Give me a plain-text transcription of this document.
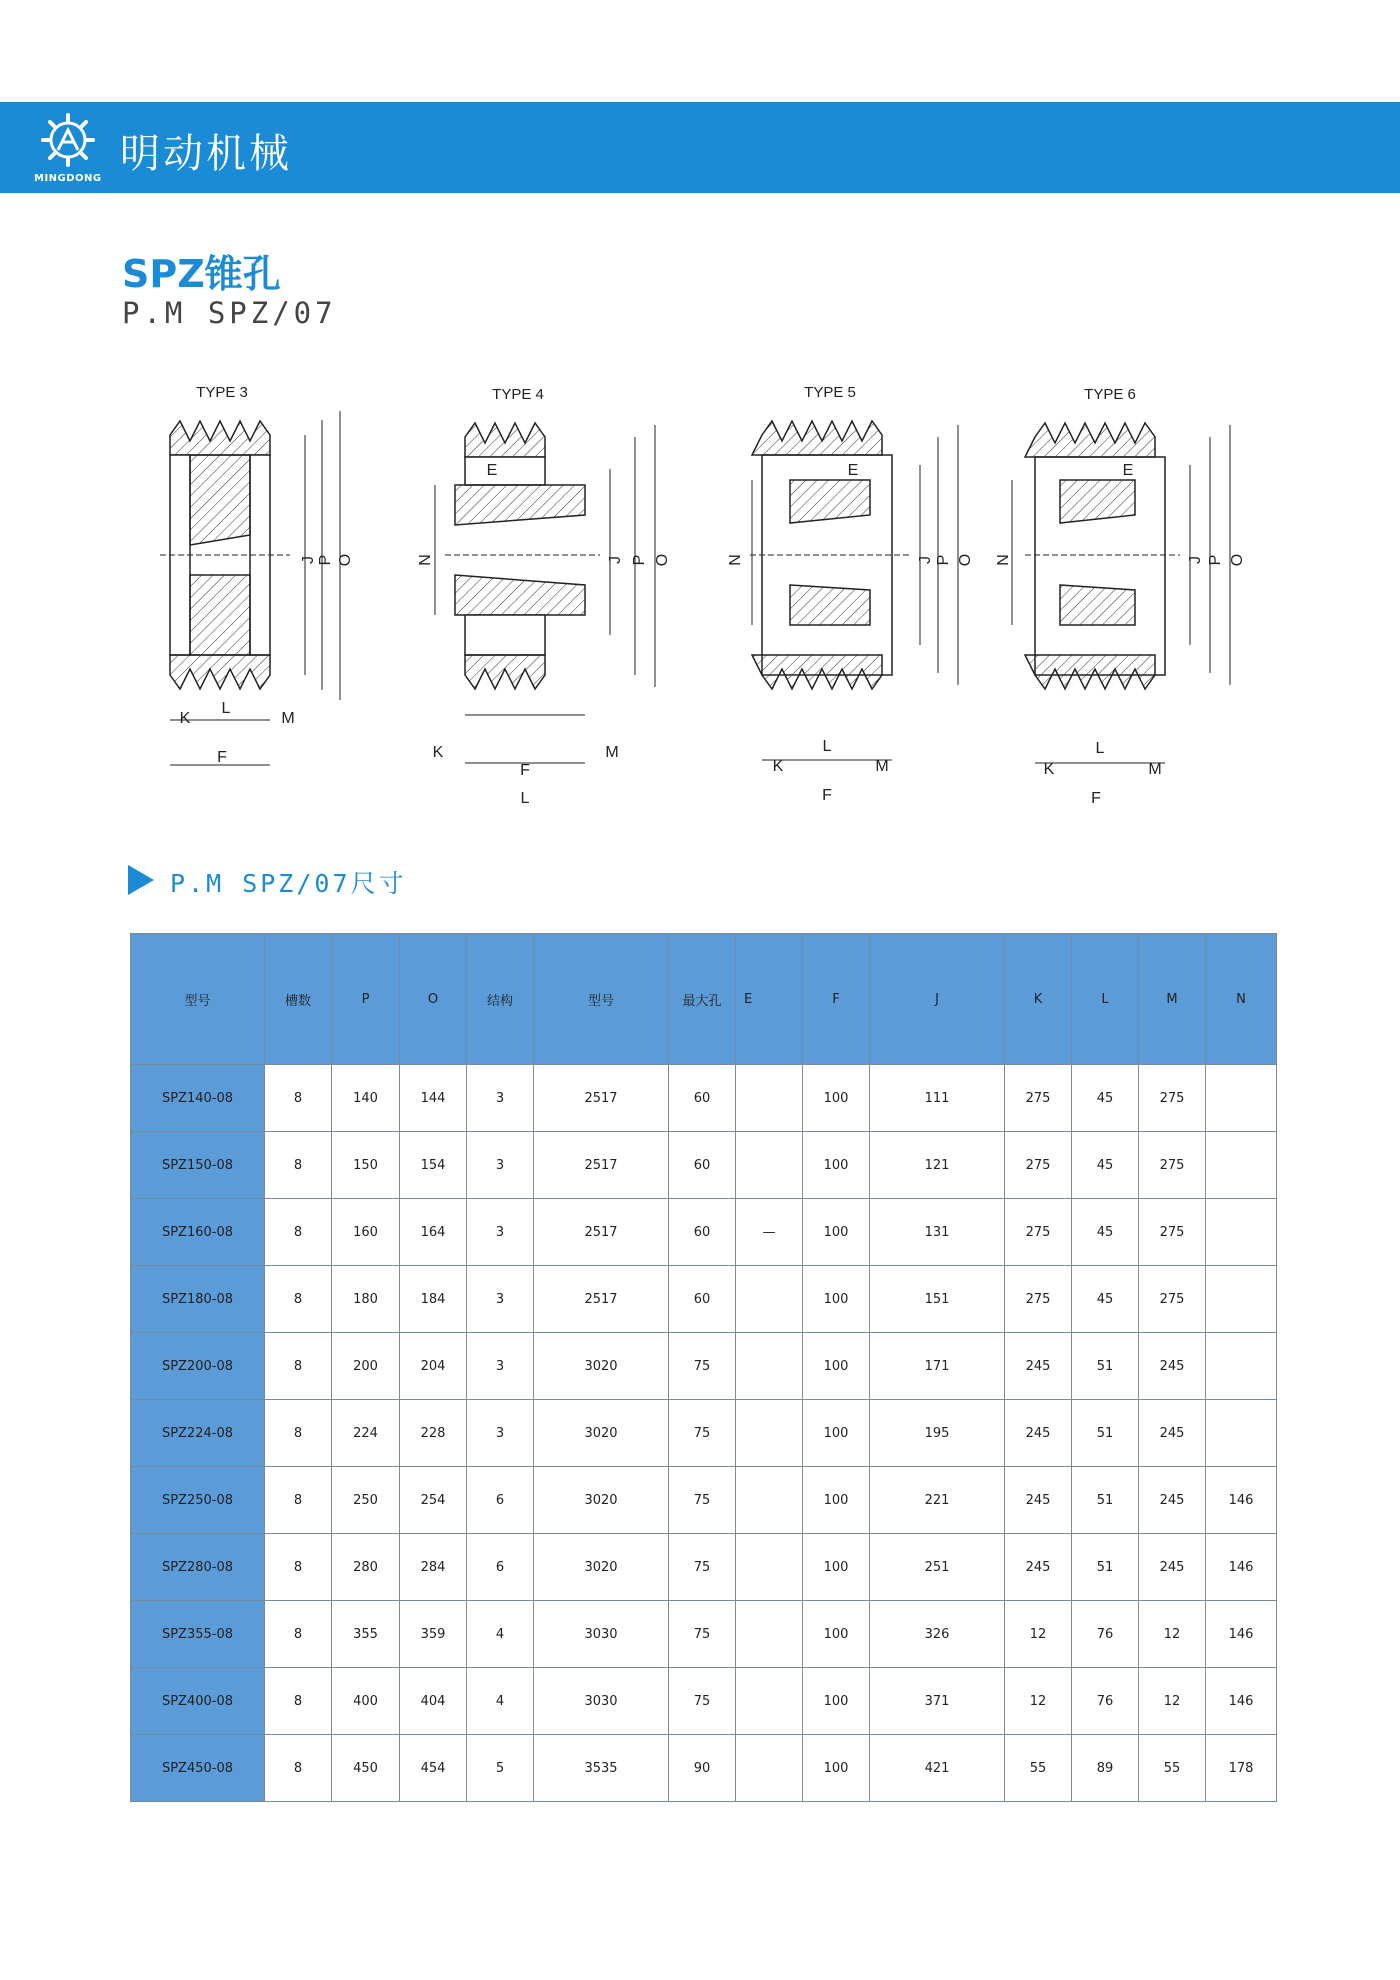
MINGDONG
明动机械
SPZ锥孔
P.M SPZ/07
TYPE 3
J P O
K
L
M
F
TYPE 4
E
N	J P O
K
F
M
L
TYPE 5
E
N	J P O
K
L
M
F
TYPE 6
E
N	J P O
K
L
M
F
P.M SPZ/07尺寸
型号	槽数	P	O	结构	型号	最大孔	E	F	J	K	L	M	N
SPZ140-08	8	140	144	3	2517	60		100	111	275	45	275	
SPZ150-08	8	150	154	3	2517	60		100	121	275	45	275	
SPZ160-08	8	160	164	3	2517	60	—	100	131	275	45	275	
SPZ180-08	8	180	184	3	2517	60		100	151	275	45	275	
SPZ200-08	8	200	204	3	3020	75		100	171	245	51	245	
SPZ224-08	8	224	228	3	3020	75		100	195	245	51	245	
SPZ250-08	8	250	254	6	3020	75		100	221	245	51	245	146
SPZ280-08	8	280	284	6	3020	75		100	251	245	51	245	146
SPZ355-08	8	355	359	4	3030	75		100	326	12	76	12	146
SPZ400-08	8	400	404	4	3030	75		100	371	12	76	12	146
SPZ450-08	8	450	454	5	3535	90		100	421	55	89	55	178
